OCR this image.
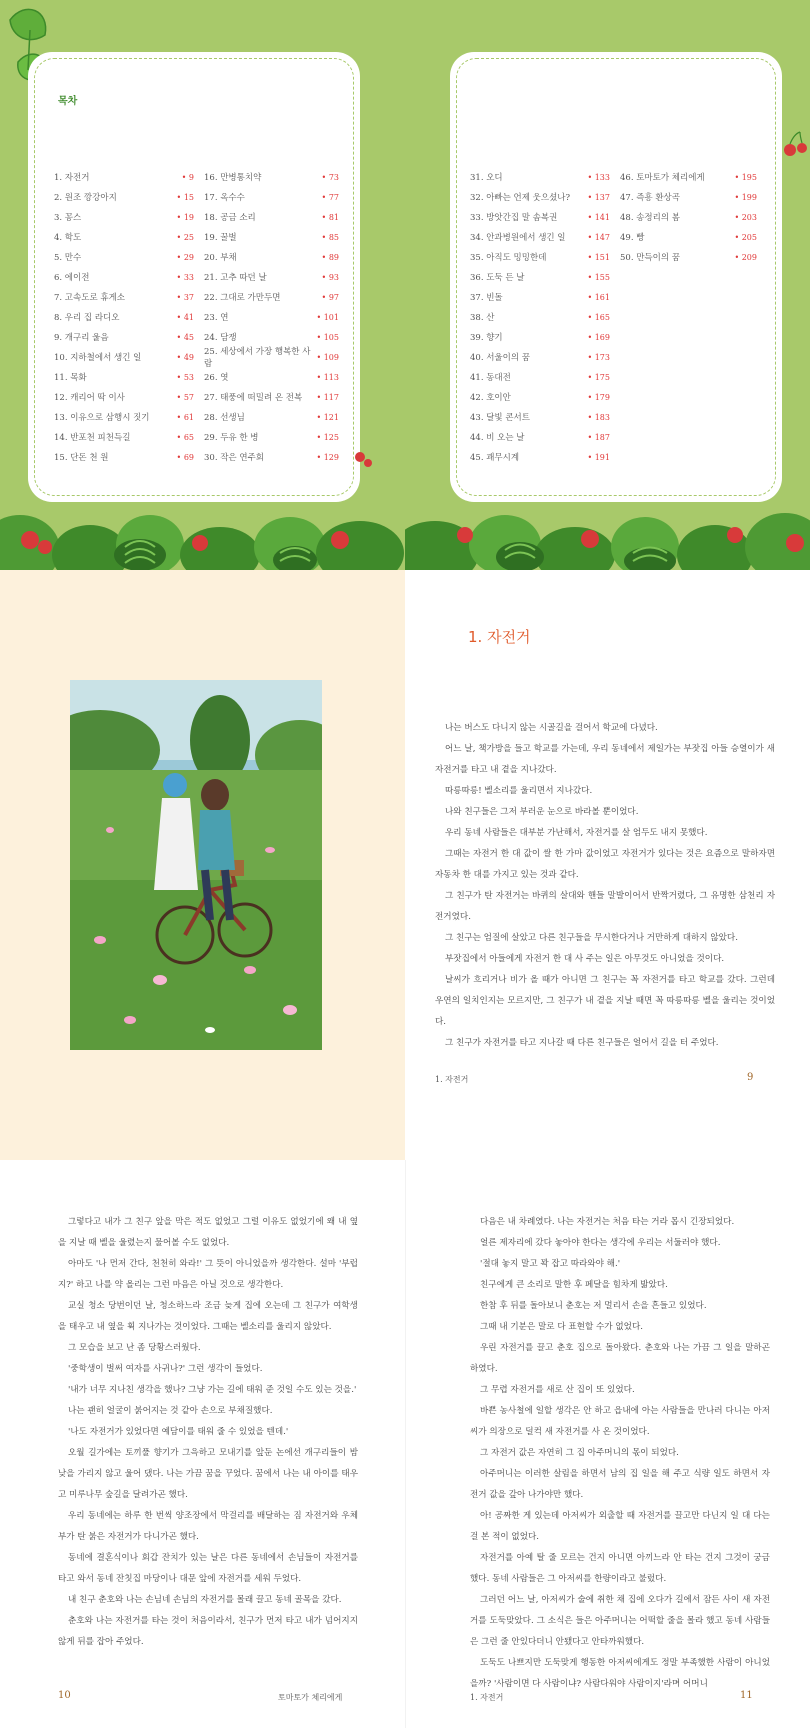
목차
1. 자전거	• 9
2. 원조 깡강아지	• 15
3. 꽁스	• 19
4. 학도	• 25
5. 만수	• 29
6. 에이전	• 33
7. 고속도로 휴게소	• 37
8. 우리 집 라디오	• 41
9. 개구리 울음	• 45
10. 지하철에서 생긴 일	• 49
11. 목화	• 53
12. 캐리어 딱 이사	• 57
13. 이유으로 삼행시 짓기	• 61
14. 반포천 피천득길	• 65
15. 단돈 천 원	• 69
16. 만병통치약	• 73
17. 옥수수	• 77
18. 공금 소리	• 81
19. 꿀벌	• 85
20. 부채	• 89
21. 고추 따던 날	• 93
22. 그대로 가만두면	• 97
23. 연	• 101
24. 담쟁	• 105
25. 세상에서 가장 행복한 사람
• 109
26. 엿	• 113
27. 태풍에 떠밀려 온 전복	• 117
28. 선생님	• 121
29. 두유 한 병	• 125
30. 작은 연주회	• 129
31. 오디	• 133
32. 아빠는 언제 웃으셨나?	• 137
33. 방앗간집 말 솜복권	• 141
34. 안과병원에서 생긴 일	• 147
35. 아직도 밍밍한데	• 151
36. 도둑 든 날	• 155
37. 빈돌	• 161
38. 산	• 165
39. 향기	• 169
40. 서울이의 꿈	• 173
41. 동대전	• 175
42. 호이안	• 179
43. 달빛 콘서트	• 183
44. 비 오는 날	• 187
45. 괘무시계	• 191
46. 토마토가 체리에게	• 195
47. 즉흥 환상곡	• 199
48. 송정리의 봄	• 203
49. 빵	• 205
50. 만득이의 꿈	• 209
1. 자전거

나는 버스도 다니지 않는 시골길을 걸어서 학교에 다녔다.

어느 날, 책가방을 들고 학교를 가는데, 우리 동네에서 제일가는 부잣집 아들 승열이가 새 자전거를 타고 내 곁을 지나갔다.

따릉따릉! 벨소리를 울리면서 지나갔다.

나와 친구들은 그저 부러운 눈으로 바라볼 뿐이었다.

우리 동네 사람들은 대부분 가난해서, 자전거를 살 엄두도 내지 못했다.

그때는 자전거 한 대 값이 쌀 한 가마 값이었고 자전거가 있다는 것은 요즘으로 말하자면 자동차 한 대를 가지고 있는 것과 같다.

그 친구가 탄 자전거는 바퀴의 살대와 핸들 말발이어서 반짝거렸다, 그 유명한 삼천리 자전거였다.

그 친구는 엄질에 살았고 다른 친구들을 무시한다거나 거만하게 대하지 않았다.

부잣집에서 아들에게 자전거 한 대 사 주는 일은 아무것도 아니었을 것이다.

날씨가 흐리거나 비가 올 때가 아니면 그 친구는 꼭 자전거를 타고 학교를 갔다. 그런데 우연의 일치인지는 모르지만, 그 친구가 내 곁을 지날 때면 꼭 따릉따릉 벨을 울리는 것이었다.

그 친구가 자전거를 타고 지나갈 때 다른 친구들은 얼어서 길을 터 주었다.

1. 자전거	9

그렇다고 내가 그 친구 앞을 막은 적도 없었고 그럴 이유도 없었기에 왜 내 옆을 지날 때 벨을 울렸는지 물어볼 수도 없었다.

아마도 '나 먼저 간다, 천천히 와라!' 그 뜻이 아니었을까 생각한다. 설마 '부럽지?' 하고 나를 약 올리는 그런 마음은 아닐 것으로 생각한다.

교실 청소 당번이던 날, 청소하느라 조금 늦게 집에 오는데 그 친구가 여학생을 태우고 내 옆을 휙 지나가는 것이었다. 그때는 벨소리를 울리지 않았다.

그 모습을 보고 난 좀 당황스러웠다.

'중학생이 벌써 여자를 사귀나?' 그런 생각이 들었다.

'내가 너무 지나친 생각을 했나? 그냥 가는 길에 태워 준 것일 수도 있는 것을.'

나는 괜히 얼굴이 붉어지는 것 같아 손으로 부채질했다.

'나도 자전거가 있었다면 예담이를 태워 줄 수 있었을 텐데.'

오월 길가에는 토끼풀 향기가 그윽하고 모내기를 앞둔 논에선 개구리들이 밤낮을 가리지 않고 울어 댔다. 나는 가끔 꿈을 꾸었다. 꿈에서 나는 내 아이를 태우고 미루나무 숲길을 달려가곤 했다.

우리 동네에는 하루 한 번씩 양조장에서 막걸리를 배달하는 짐 자전거와 우체부가 탄 붉은 자전거가 다니가곤 했다.

동네에 결혼식이나 회갑 잔치가 있는 날은 다른 동네에서 손님들이 자전거를 타고 와서 동네 잔칫집 마당이나 대문 앞에 자전거를 세워 두었다.

내 친구 춘호와 나는 손님네 손님의 자전거를 몰래 끌고 동네 골목을 갔다.

춘호와 나는 자전거를 타는 것이 처음이라서, 친구가 먼저 타고 내가 넘어지지 않게 뒤를 잡아 주었다.

10	토마토가 체리에게

다음은 내 차례였다. 나는 자전거는 처음 타는 거라 몹시 긴장되었다.

얼른 제자리에 갔다 놓아야 한다는 생각에 우리는 서둘러야 했다.

'절대 놓지 말고 꽉 잡고 따라와야 해.'

친구에게 큰 소리로 말한 후 페달을 힘차게 밟았다.

한참 후 뒤를 돌아보니 춘호는 저 멀리서 손을 흔들고 있었다.

그때 내 기분은 말로 다 표현할 수가 없었다.

우린 자전거를 끌고 춘호 집으로 돌아왔다. 춘호와 나는 가끔 그 일을 말하곤 하였다.

그 무렵 자전거를 새로 산 집이 또 있었다.

바쁜 농사철에 일할 생각은 안 하고 읍내에 아는 사람들을 만나러 다니는 아저씨가 의장으로 덜컥 새 자전거를 사 온 것이었다.

그 자전거 값은 자연히 그 집 아주머니의 몫이 되었다.

아주머니는 이러한 살림을 하면서 남의 집 일을 해 주고 식량 일도 하면서 자전거 값을 갚아 나가야만 했다.

아! 공짜한 게 있는데 아저씨가 외출할 때 자전거를 끌고만 다닌지 일 대 다는 걸 본 적이 없었다.

자전거를 아예 탈 줄 모르는 건지 아니면 아끼느라 안 타는 건지 그것이 궁금했다. 동네 사람들은 그 아저씨를 한량이라고 불렀다.

그러던 어느 날, 아저씨가 술에 취한 채 집에 오다가 길에서 잠든 사이 새 자전거를 도둑맞았다. 그 소식은 들은 아주머니는 어떡할 줄을 몰라 했고 동네 사람들은 그런 줄 안있다더니 안됐다고 안타까워했다.

도둑도 나쁘지만 도둑맞게 행동한 아저씨에게도 정말 부족했한 사람이 아니었을까? '사람이면 다 사람이냐? 사람다워야 사람이지'라며 어머니

1. 자전거	11
